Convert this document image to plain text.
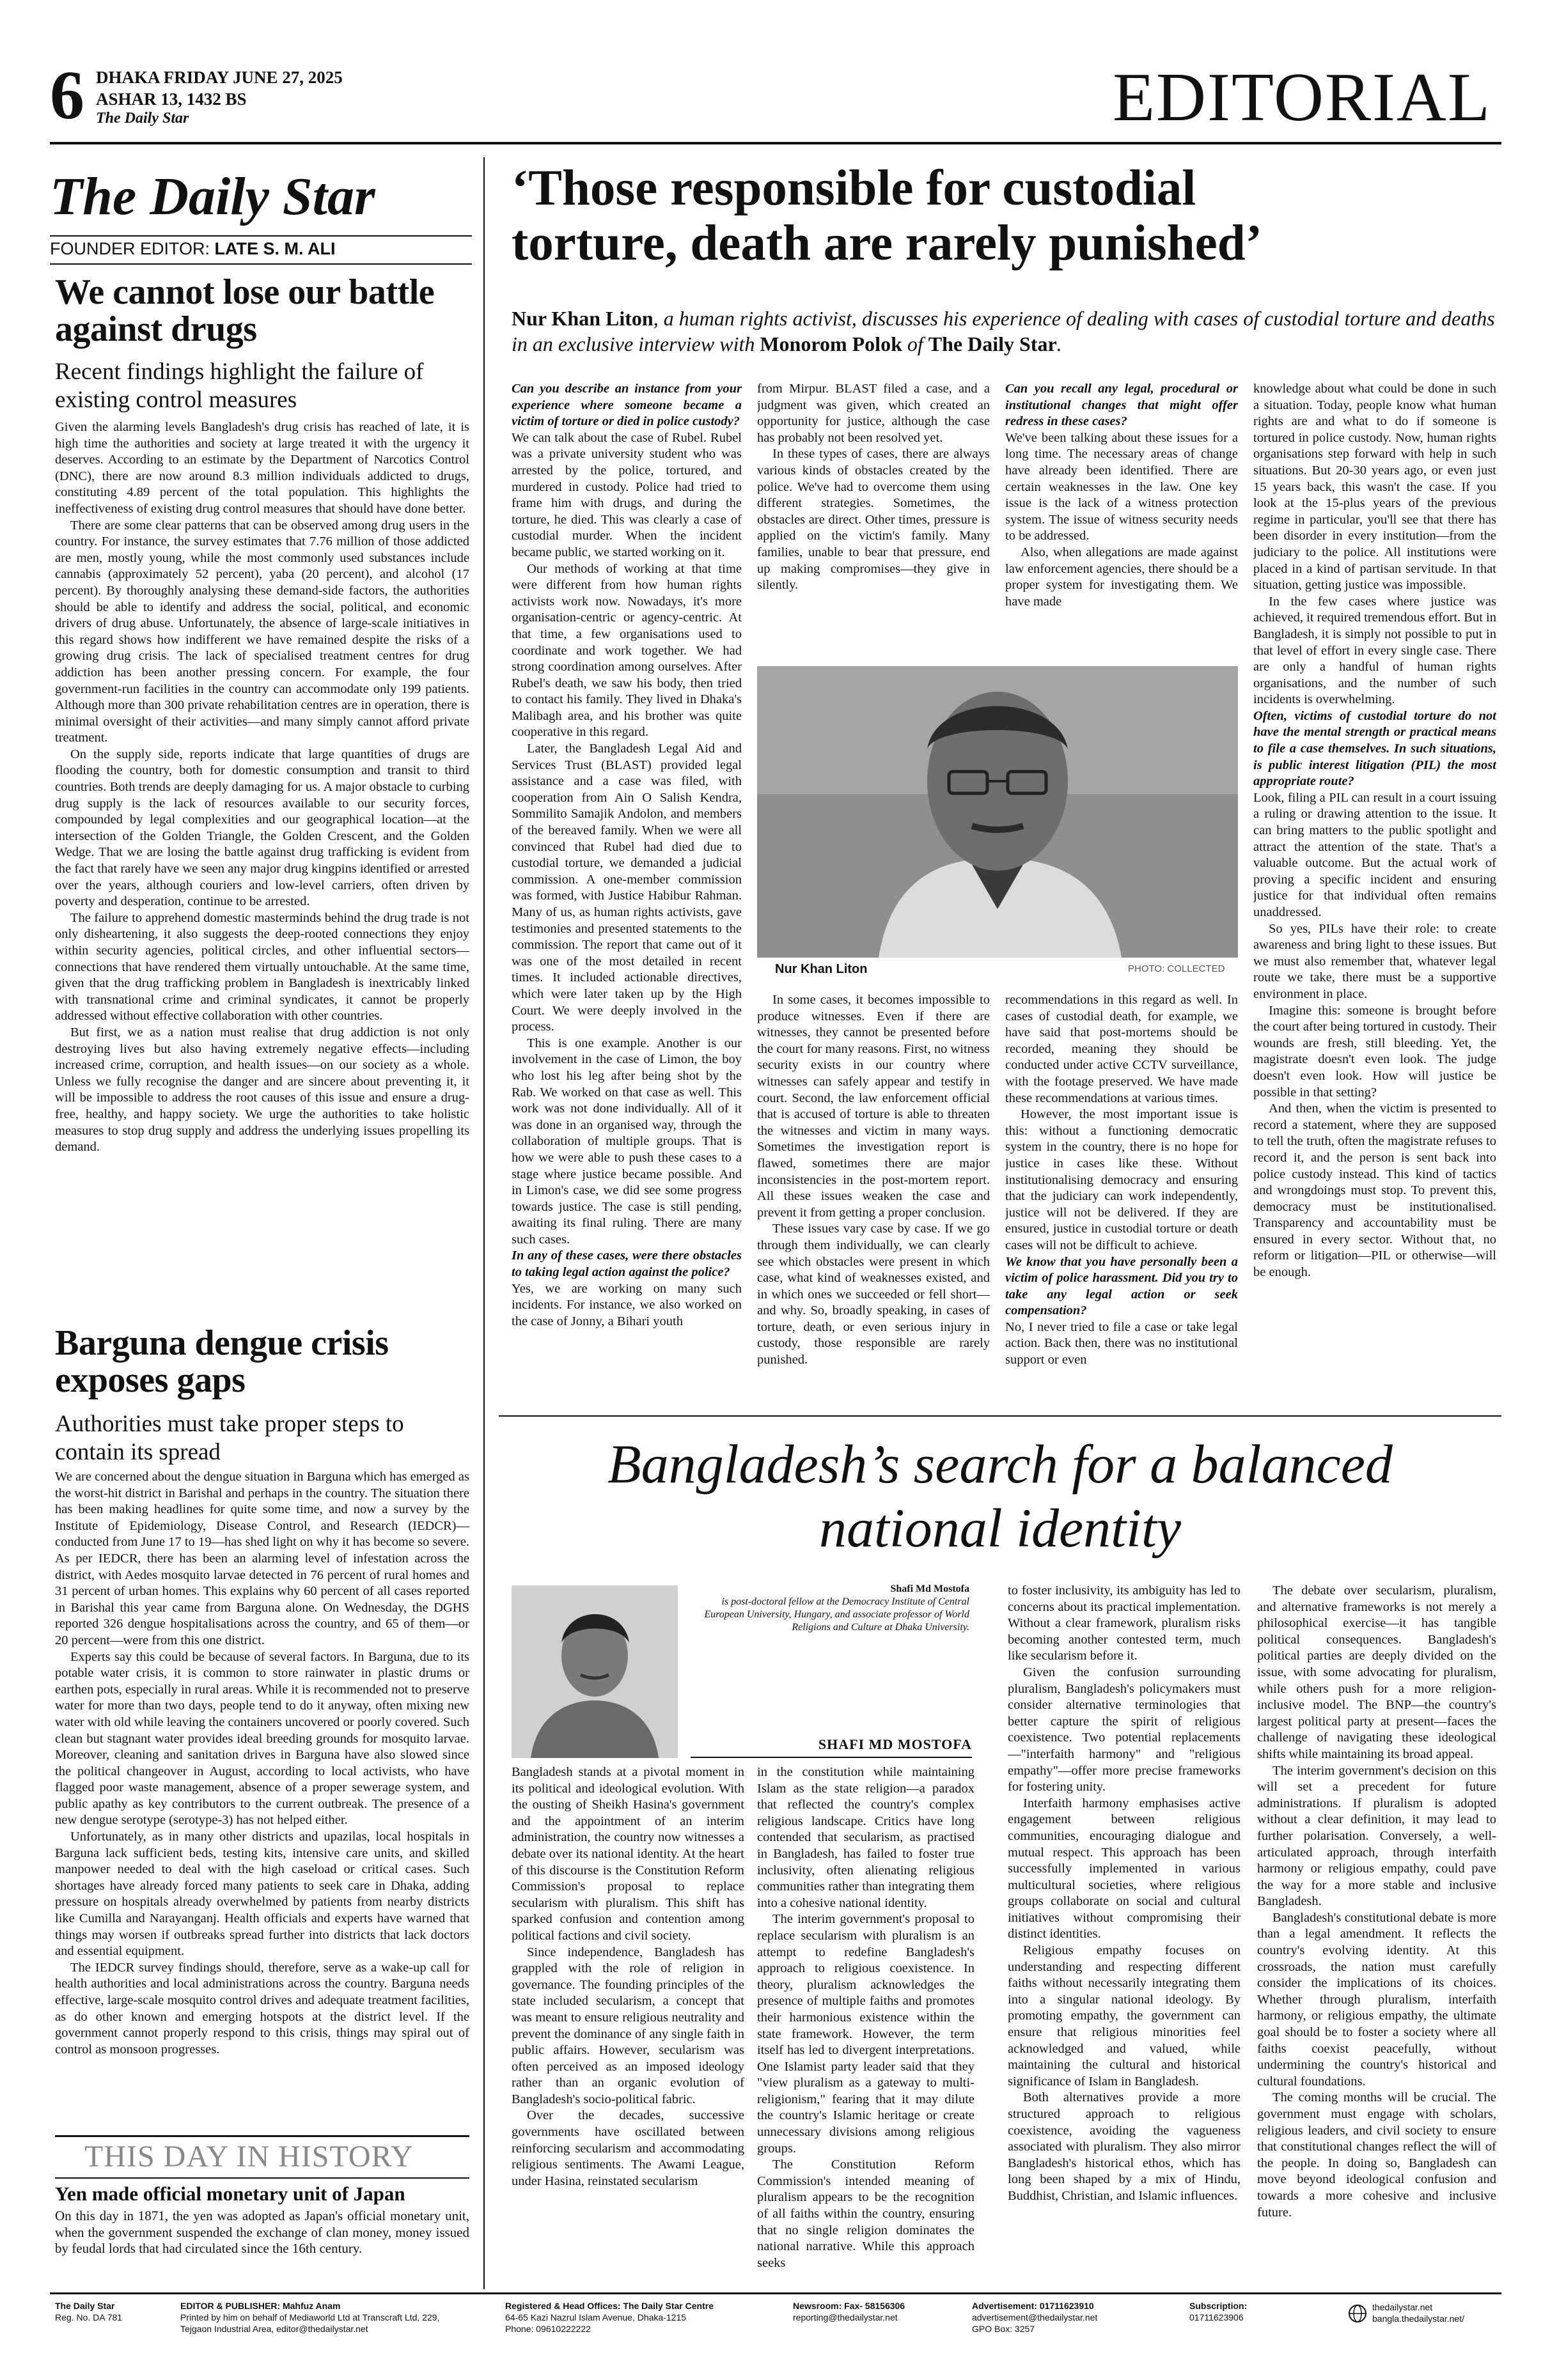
6 DHAKA FRIDAY JUNE 27, 2025
ASHAR 13, 1432 BS
The Daily Star	EDITORIAL
The Daily Star
FOUNDER EDITOR: LATE S. M. ALI
We cannot lose our battle against drugs
Recent findings highlight the failure of existing control measures

Given the alarming levels Bangladesh's drug crisis has reached of late, it is high time the authorities and society at large treated it with the urgency it deserves. According to an estimate by the Department of Narcotics Control (DNC), there are now around 8.3 million individuals addicted to drugs, constituting 4.89 percent of the total population. This highlights the ineffectiveness of existing drug control measures that should have done better.

There are some clear patterns that can be observed among drug users in the country. For instance, the survey estimates that 7.76 million of those addicted are men, mostly young, while the most commonly used substances include cannabis (approximately 52 percent), yaba (20 percent), and alcohol (17 percent). By thoroughly analysing these demand-side factors, the authorities should be able to identify and address the social, political, and economic drivers of drug abuse. Unfortunately, the absence of large-scale initiatives in this regard shows how indifferent we have remained despite the risks of a growing drug crisis. The lack of specialised treatment centres for drug addiction has been another pressing concern. For example, the four government-run facilities in the country can accommodate only 199 patients. Although more than 300 private rehabilitation centres are in operation, there is minimal oversight of their activities—and many simply cannot afford private treatment.

On the supply side, reports indicate that large quantities of drugs are flooding the country, both for domestic consumption and transit to third countries. Both trends are deeply damaging for us. A major obstacle to curbing drug supply is the lack of resources available to our security forces, compounded by legal complexities and our geographical location—at the intersection of the Golden Triangle, the Golden Crescent, and the Golden Wedge. That we are losing the battle against drug trafficking is evident from the fact that rarely have we seen any major drug kingpins identified or arrested over the years, although couriers and low-level carriers, often driven by poverty and desperation, continue to be arrested.

The failure to apprehend domestic masterminds behind the drug trade is not only disheartening, it also suggests the deep-rooted connections they enjoy within security agencies, political circles, and other influential sectors—connections that have rendered them virtually untouchable. At the same time, given that the drug trafficking problem in Bangladesh is inextricably linked with transnational crime and criminal syndicates, it cannot be properly addressed without effective collaboration with other countries.

But first, we as a nation must realise that drug addiction is not only destroying lives but also having extremely negative effects—including increased crime, corruption, and health issues—on our society as a whole. Unless we fully recognise the danger and are sincere about preventing it, it will be impossible to address the root causes of this issue and ensure a drug-free, healthy, and happy society. We urge the authorities to take holistic measures to stop drug supply and address the underlying issues propelling its demand.

Barguna dengue crisis exposes gaps
Authorities must take proper steps to contain its spread

We are concerned about the dengue situation in Barguna which has emerged as the worst-hit district in Barishal and perhaps in the country. The situation there has been making headlines for quite some time, and now a survey by the Institute of Epidemiology, Disease Control, and Research (IEDCR)—conducted from June 17 to 19—has shed light on why it has become so severe. As per IEDCR, there has been an alarming level of infestation across the district, with Aedes mosquito larvae detected in 76 percent of rural homes and 31 percent of urban homes. This explains why 60 percent of all cases reported in Barishal this year came from Barguna alone. On Wednesday, the DGHS reported 326 dengue hospitalisations across the country, and 65 of them—or 20 percent—were from this one district.

Experts say this could be because of several factors. In Barguna, due to its potable water crisis, it is common to store rainwater in plastic drums or earthen pots, especially in rural areas. While it is recommended not to preserve water for more than two days, people tend to do it anyway, often mixing new water with old while leaving the containers uncovered or poorly covered. Such clean but stagnant water provides ideal breeding grounds for mosquito larvae. Moreover, cleaning and sanitation drives in Barguna have also slowed since the political changeover in August, according to local activists, who have flagged poor waste management, absence of a proper sewerage system, and public apathy as key contributors to the current outbreak. The presence of a new dengue serotype (serotype-3) has not helped either.

Unfortunately, as in many other districts and upazilas, local hospitals in Barguna lack sufficient beds, testing kits, intensive care units, and skilled manpower needed to deal with the high caseload or critical cases. Such shortages have already forced many patients to seek care in Dhaka, adding pressure on hospitals already overwhelmed by patients from nearby districts like Cumilla and Narayanganj. Health officials and experts have warned that things may worsen if outbreaks spread further into districts that lack doctors and essential equipment.

The IEDCR survey findings should, therefore, serve as a wake-up call for health authorities and local administrations across the country. Barguna needs effective, large-scale mosquito control drives and adequate treatment facilities, as do other known and emerging hotspots at the district level. If the government cannot properly respond to this crisis, things may spiral out of control as monsoon progresses.

THIS DAY IN HISTORY
Yen made official monetary unit of Japan

On this day in 1871, the yen was adopted as Japan's official monetary unit, when the government suspended the exchange of clan money, money issued by feudal lords that had circulated since the 16th century.

‘Those responsible for custodial
torture, death are rarely punished’
Nur Khan Liton, a human rights activist, discusses his experience of dealing with cases of custodial torture and deaths in an exclusive interview with Monorom Polok of The Daily Star.

Can you describe an instance from your experience where someone became a victim of torture or died in police custody?

We can talk about the case of Rubel. Rubel was a private university student who was arrested by the police, tortured, and murdered in custody. Police had tried to frame him with drugs, and during the torture, he died. This was clearly a case of custodial murder. When the incident became public, we started working on it.

Our methods of working at that time were different from how human rights activists work now. Nowadays, it's more organisation-centric or agency-centric. At that time, a few organisations used to coordinate and work together. We had strong coordination among ourselves. After Rubel's death, we saw his body, then tried to contact his family. They lived in Dhaka's Malibagh area, and his brother was quite cooperative in this regard.

Later, the Bangladesh Legal Aid and Services Trust (BLAST) provided legal assistance and a case was filed, with cooperation from Ain O Salish Kendra, Sommilito Samajik Andolon, and members of the bereaved family. When we were all convinced that Rubel had died due to custodial torture, we demanded a judicial commission. A one-member commission was formed, with Justice Habibur Rahman. Many of us, as human rights activists, gave testimonies and presented statements to the commission. The report that came out of it was one of the most detailed in recent times. It included actionable directives, which were later taken up by the High Court. We were deeply involved in the process.

This is one example. Another is our involvement in the case of Limon, the boy who lost his leg after being shot by the Rab. We worked on that case as well. This work was not done individually. All of it was done in an organised way, through the collaboration of multiple groups. That is how we were able to push these cases to a stage where justice became possible. And in Limon's case, we did see some progress towards justice. The case is still pending, awaiting its final ruling. There are many such cases.

In any of these cases, were there obstacles to taking legal action against the police?

Yes, we are working on many such incidents. For instance, we also worked on the case of Jonny, a Bihari youth

from Mirpur. BLAST filed a case, and a judgment was given, which created an opportunity for justice, although the case has probably not been resolved yet.

In these types of cases, there are always various kinds of obstacles created by the police. We've had to overcome them using different strategies. Sometimes, the obstacles are direct. Other times, pressure is applied on the victim's family. Many families, unable to bear that pressure, end up making compromises—they give in silently.

Can you recall any legal, procedural or institutional changes that might offer redress in these cases?

We've been talking about these issues for a long time. The necessary areas of change have already been identified. There are certain weaknesses in the law. One key issue is the lack of a witness protection system. The issue of witness security needs to be addressed.

Also, when allegations are made against law enforcement agencies, there should be a proper system for investigating them. We have made

Nur Khan Liton	PHOTO: COLLECTED

In some cases, it becomes impossible to produce witnesses. Even if there are witnesses, they cannot be presented before the court for many reasons. First, no witness security exists in our country where witnesses can safely appear and testify in court. Second, the law enforcement official that is accused of torture is able to threaten the witnesses and victim in many ways. Sometimes the investigation report is flawed, sometimes there are major inconsistencies in the post-mortem report. All these issues weaken the case and prevent it from getting a proper conclusion.

These issues vary case by case. If we go through them individually, we can clearly see which obstacles were present in which case, what kind of weaknesses existed, and in which ones we succeeded or fell short—and why. So, broadly speaking, in cases of torture, death, or even serious injury in custody, those responsible are rarely punished.

recommendations in this regard as well. In cases of custodial death, for example, we have said that post-mortems should be recorded, meaning they should be conducted under active CCTV surveillance, with the footage preserved. We have made these recommendations at various times.

However, the most important issue is this: without a functioning democratic system in the country, there is no hope for justice in cases like these. Without institutionalising democracy and ensuring that the judiciary can work independently, justice will not be delivered. If they are ensured, justice in custodial torture or death cases will not be difficult to achieve.

We know that you have personally been a victim of police harassment. Did you try to take any legal action or seek compensation?

No, I never tried to file a case or take legal action. Back then, there was no institutional support or even

knowledge about what could be done in such a situation. Today, people know what human rights are and what to do if someone is tortured in police custody. Now, human rights organisations step forward with help in such situations. But 20-30 years ago, or even just 15 years back, this wasn't the case. If you look at the 15-plus years of the previous regime in particular, you'll see that there has been disorder in every institution—from the judiciary to the police. All institutions were placed in a kind of partisan servitude. In that situation, getting justice was impossible.

In the few cases where justice was achieved, it required tremendous effort. But in Bangladesh, it is simply not possible to put in that level of effort in every single case. There are only a handful of human rights organisations, and the number of such incidents is overwhelming.

Often, victims of custodial torture do not have the mental strength or practical means to file a case themselves. In such situations, is public interest litigation (PIL) the most appropriate route?

Look, filing a PIL can result in a court issuing a ruling or drawing attention to the issue. It can bring matters to the public spotlight and attract the attention of the state. That's a valuable outcome. But the actual work of proving a specific incident and ensuring justice for that individual often remains unaddressed.

So yes, PILs have their role: to create awareness and bring light to these issues. But we must also remember that, whatever legal route we take, there must be a supportive environment in place.

Imagine this: someone is brought before the court after being tortured in custody. Their wounds are fresh, still bleeding. Yet, the magistrate doesn't even look. The judge doesn't even look. How will justice be possible in that setting?

And then, when the victim is presented to record a statement, where they are supposed to tell the truth, often the magistrate refuses to record it, and the person is sent back into police custody instead. This kind of tactics and wrongdoings must stop. To prevent this, democracy must be institutionalised. Transparency and accountability must be ensured in every sector. Without that, no reform or litigation—PIL or otherwise—will be enough.

Bangladesh’s search for a balanced
national identity
Shafi Md Mostofa
is post-doctoral fellow at the Democracy Institute of Central European University, Hungary, and associate professor of World Religions and Culture at Dhaka University.
SHAFI MD MOSTOFA

Bangladesh stands at a pivotal moment in its political and ideological evolution. With the ousting of Sheikh Hasina's government and the appointment of an interim administration, the country now witnesses a debate over its national identity. At the heart of this discourse is the Constitution Reform Commission's proposal to replace secularism with pluralism. This shift has sparked confusion and contention among political factions and civil society.

Since independence, Bangladesh has grappled with the role of religion in governance. The founding principles of the state included secularism, a concept that was meant to ensure religious neutrality and prevent the dominance of any single faith in public affairs. However, secularism was often perceived as an imposed ideology rather than an organic evolution of Bangladesh's socio-political fabric.

Over the decades, successive governments have oscillated between reinforcing secularism and accommodating religious sentiments. The Awami League, under Hasina, reinstated secularism

in the constitution while maintaining Islam as the state religion—a paradox that reflected the country's complex religious landscape. Critics have long contended that secularism, as practised in Bangladesh, has failed to foster true inclusivity, often alienating religious communities rather than integrating them into a cohesive national identity.

The interim government's proposal to replace secularism with pluralism is an attempt to redefine Bangladesh's approach to religious coexistence. In theory, pluralism acknowledges the presence of multiple faiths and promotes their harmonious existence within the state framework. However, the term itself has led to divergent interpretations. One Islamist party leader said that they "view pluralism as a gateway to multi-religionism," fearing that it may dilute the country's Islamic heritage or create unnecessary divisions among religious groups.

The Constitution Reform Commission's intended meaning of pluralism appears to be the recognition of all faiths within the country, ensuring that no single religion dominates the national narrative. While this approach seeks

to foster inclusivity, its ambiguity has led to concerns about its practical implementation. Without a clear framework, pluralism risks becoming another contested term, much like secularism before it.

Given the confusion surrounding pluralism, Bangladesh's policymakers must consider alternative terminologies that better capture the spirit of religious coexistence. Two potential replacements—"interfaith harmony" and "religious empathy"—offer more precise frameworks for fostering unity.

Interfaith harmony emphasises active engagement between religious communities, encouraging dialogue and mutual respect. This approach has been successfully implemented in various multicultural societies, where religious groups collaborate on social and cultural initiatives without compromising their distinct identities.

Religious empathy focuses on understanding and respecting different faiths without necessarily integrating them into a singular national ideology. By promoting empathy, the government can ensure that religious minorities feel acknowledged and valued, while maintaining the cultural and historical significance of Islam in Bangladesh.

Both alternatives provide a more structured approach to religious coexistence, avoiding the vagueness associated with pluralism. They also mirror Bangladesh's historical ethos, which has long been shaped by a mix of Hindu, Buddhist, Christian, and Islamic influences.

The debate over secularism, pluralism, and alternative frameworks is not merely a philosophical exercise—it has tangible political consequences. Bangladesh's political parties are deeply divided on the issue, with some advocating for pluralism, while others push for a more religion-inclusive model. The BNP—the country's largest political party at present—faces the challenge of navigating these ideological shifts while maintaining its broad appeal.

The interim government's decision on this will set a precedent for future administrations. If pluralism is adopted without a clear definition, it may lead to further polarisation. Conversely, a well-articulated approach, through interfaith harmony or religious empathy, could pave the way for a more stable and inclusive Bangladesh.

Bangladesh's constitutional debate is more than a legal amendment. It reflects the country's evolving identity. At this crossroads, the nation must carefully consider the implications of its choices. Whether through pluralism, interfaith harmony, or religious empathy, the ultimate goal should be to foster a society where all faiths coexist peacefully, without undermining the country's historical and cultural foundations.

The coming months will be crucial. The government must engage with scholars, religious leaders, and civil society to ensure that constitutional changes reflect the will of the people. In doing so, Bangladesh can move beyond ideological confusion and towards a more cohesive and inclusive future.

The Daily Star
Reg. No. DA 781
EDITOR & PUBLISHER: Mahfuz Anam
Printed by him on behalf of Mediaworld Ltd at Transcraft Ltd, 229,
Tejgaon Industrial Area, editor@thedailystar.net
Registered & Head Offices: The Daily Star Centre
64-65 Kazi Nazrul Islam Avenue, Dhaka-1215
Phone: 09610222222
Newsroom: Fax- 58156306
reporting@thedailystar.net
Advertisement: 01711623910
advertisement@thedailystar.net
GPO Box: 3257
Subscription:
01711623906
thedailystar.net
bangla.thedailystar.net/
